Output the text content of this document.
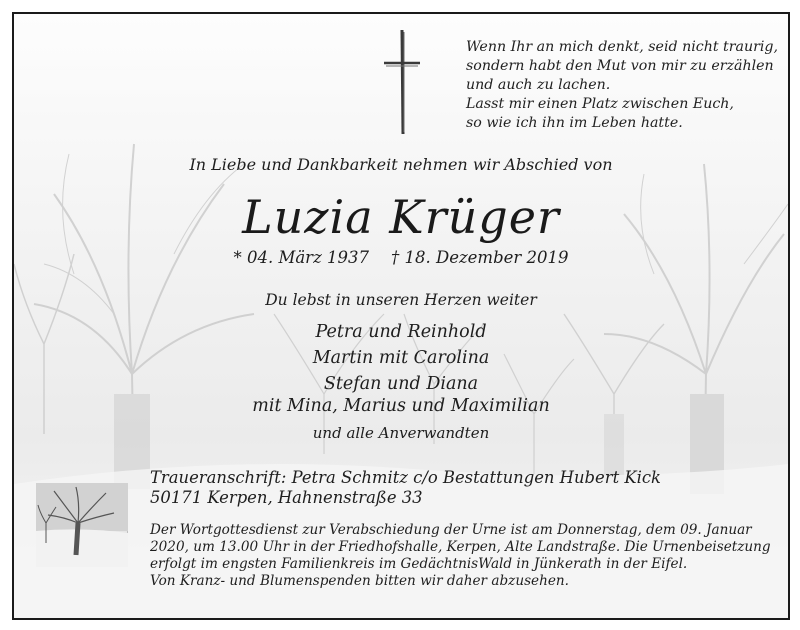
Wenn Ihr an mich denkt, seid nicht traurig,
sondern habt den Mut von mir zu erzählen
und auch zu lachen.
Lasst mir einen Platz zwischen Euch,
so wie ich ihn im Leben hatte.
In Liebe und Dankbarkeit nehmen wir Abschied von
Luzia Krüger
* 04. März 1937 † 18. Dezember 2019
Du lebst in unseren Herzen weiter
Petra und Reinhold
Martin mit Carolina
Stefan und Diana
mit Mina, Marius und Maximilian
und alle Anverwandten
Traueranschrift: Petra Schmitz c/o Bestattungen Hubert Kick
50171 Kerpen, Hahnenstraße 33
Der Wortgottesdienst zur Verabschiedung der Urne ist am Donnerstag, dem 09. Januar
2020, um 13.00 Uhr in der Friedhofshalle, Kerpen, Alte Landstraße. Die Urnenbeisetzung
erfolgt im engsten Familienkreis im GedächtnisWald in Jünkerath in der Eifel.
Von Kranz- und Blumenspenden bitten wir daher abzusehen.
